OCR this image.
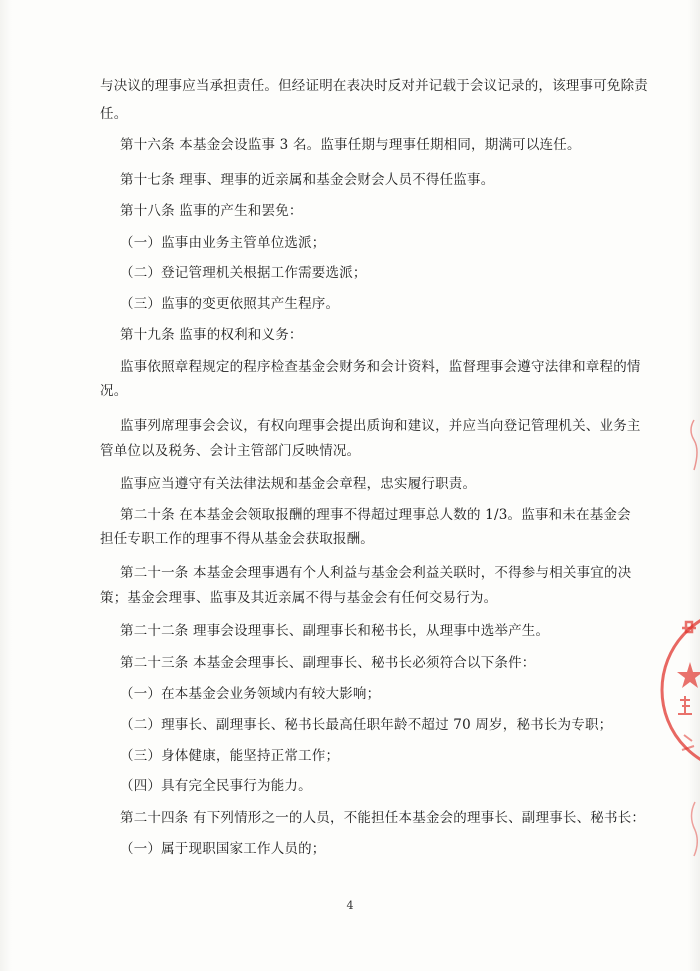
与决议的理事应当承担责任。但经证明在表决时反对并记载于会议记录的，该理事可免除责
任。
第十六条 本基金会设监事 3 名。监事任期与理事任期相同，期满可以连任。
第十七条 理事、理事的近亲属和基金会财会人员不得任监事。
第十八条 监事的产生和罢免：
（一）监事由业务主管单位选派；
（二）登记管理机关根据工作需要选派；
（三）监事的变更依照其产生程序。
第十九条 监事的权利和义务：
监事依照章程规定的程序检查基金会财务和会计资料，监督理事会遵守法律和章程的情
况。
监事列席理事会会议，有权向理事会提出质询和建议，并应当向登记管理机关、业务主
管单位以及税务、会计主管部门反映情况。
监事应当遵守有关法律法规和基金会章程，忠实履行职责。
第二十条 在本基金会领取报酬的理事不得超过理事总人数的 1/3。监事和未在基金会
担任专职工作的理事不得从基金会获取报酬。
第二十一条 本基金会理事遇有个人利益与基金会利益关联时，不得参与相关事宜的决
策；基金会理事、监事及其近亲属不得与基金会有任何交易行为。
第二十二条 理事会设理事长、副理事长和秘书长，从理事中选举产生。
第二十三条 本基金会理事长、副理事长、秘书长必须符合以下条件：
（一）在本基金会业务领域内有较大影响；
（二）理事长、副理事长、秘书长最高任职年龄不超过 70 周岁，秘书长为专职；
（三）身体健康，能坚持正常工作；
（四）具有完全民事行为能力。
第二十四条 有下列情形之一的人员，不能担任本基金会的理事长、副理事长、秘书长：
（一）属于现职国家工作人员的；
4
